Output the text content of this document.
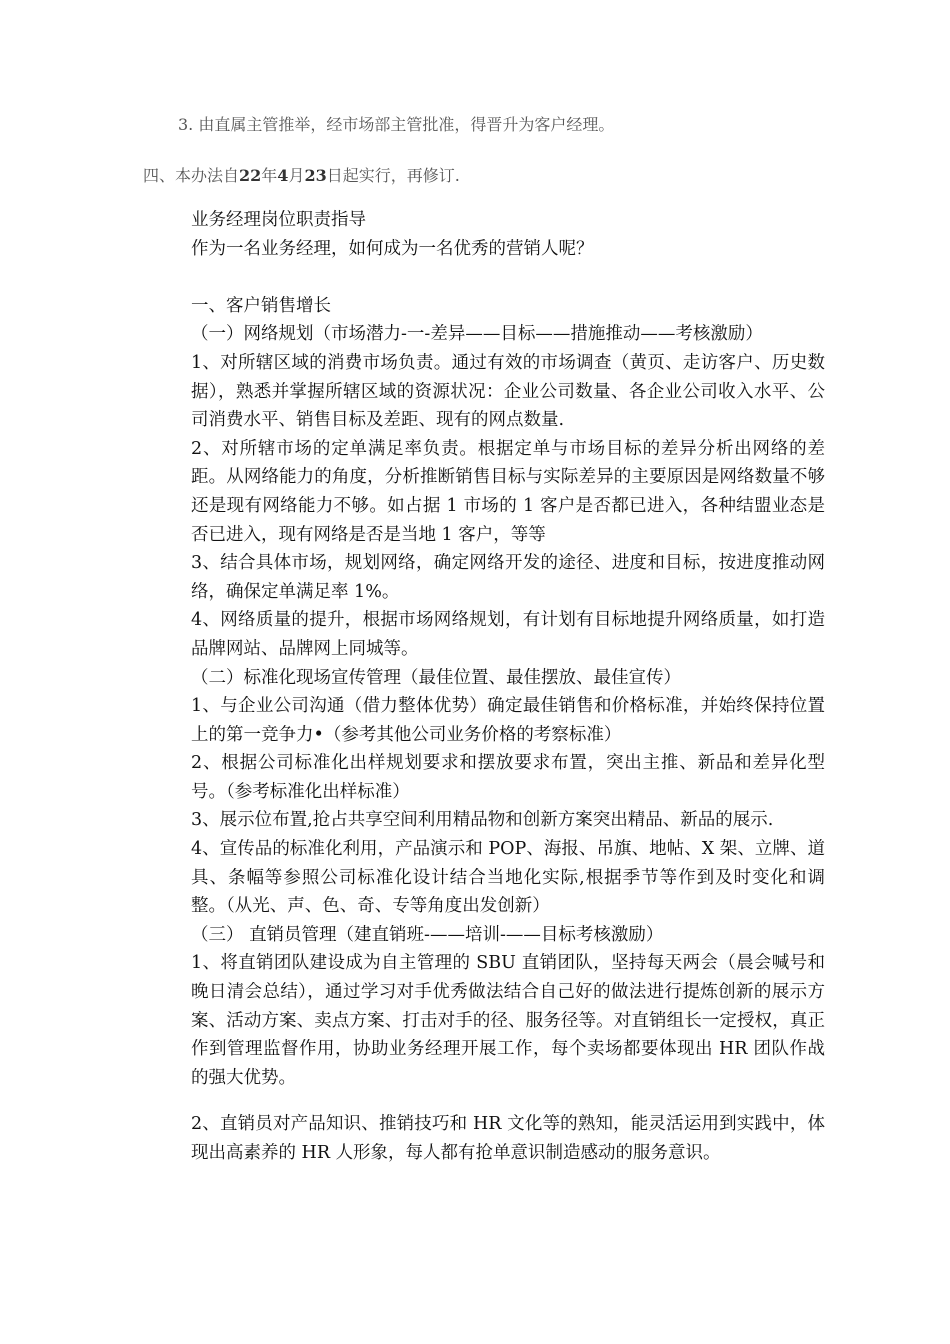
3. 由直属主管推举，经市场部主管批准，得晋升为客户经理。
四、本办法自22年4月23日起实行，再修订.

业务经理岗位职责指导

作为一名业务经理，如何成为一名优秀的营销人呢？

一、客户销售增长

（一）网络规划（市场潜力-一-差异——目标——措施推动——考核激励）

1、对所辖区域的消费市场负责。通过有效的市场调查（黄页、走访客户、历史数据），熟悉并掌握所辖区域的资源状况：企业公司数量、各企业公司收入水平、公司消费水平、销售目标及差距、现有的网点数量.

2、对所辖市场的定单满足率负责。根据定单与市场目标的差异分析出网络的差距。从网络能力的角度，分析推断销售目标与实际差异的主要原因是网络数量不够还是现有网络能力不够。如占据 1 市场的 1 客户是否都已进入，各种结盟业态是否已进入，现有网络是否是当地 1 客户，等等

3、结合具体市场，规划网络，确定网络开发的途径、进度和目标，按进度推动网络，确保定单满足率 1%。

4、网络质量的提升，根据市场网络规划，有计划有目标地提升网络质量，如打造品牌网站、品牌网上同城等。

（二）标准化现场宣传管理（最佳位置、最佳摆放、最佳宣传）

1、与企业公司沟通（借力整体优势）确定最佳销售和价格标准，并始终保持位置上的第一竞争力•（参考其他公司业务价格的考察标准）

2、根据公司标准化出样规划要求和摆放要求布置，突出主推、新品和差异化型号。（参考标准化出样标准）

3、展示位布置,抢占共享空间利用精品物和创新方案突出精品、新品的展示.

4、宣传品的标准化利用，产品演示和 POP、海报、吊旗、地帖、X 架、立牌、道具、条幅等参照公司标准化设计结合当地化实际,根据季节等作到及时变化和调整。（从光、声、色、奇、专等角度出发创新）

（三） 直销员管理（建直销班-——培训-——目标考核激励）

1、将直销团队建设成为自主管理的 SBU 直销团队，坚持每天两会（晨会喊号和晚日清会总结），通过学习对手优秀做法结合自己好的做法进行提炼创新的展示方案、活动方案、卖点方案、打击对手的径、服务径等。对直销组长一定授权，真正作到管理监督作用，协助业务经理开展工作，每个卖场都要体现出 HR 团队作战的强大优势。

2、直销员对产品知识、推销技巧和 HR 文化等的熟知，能灵活运用到实践中，体现出高素养的 HR 人形象，每人都有抢单意识制造感动的服务意识。
